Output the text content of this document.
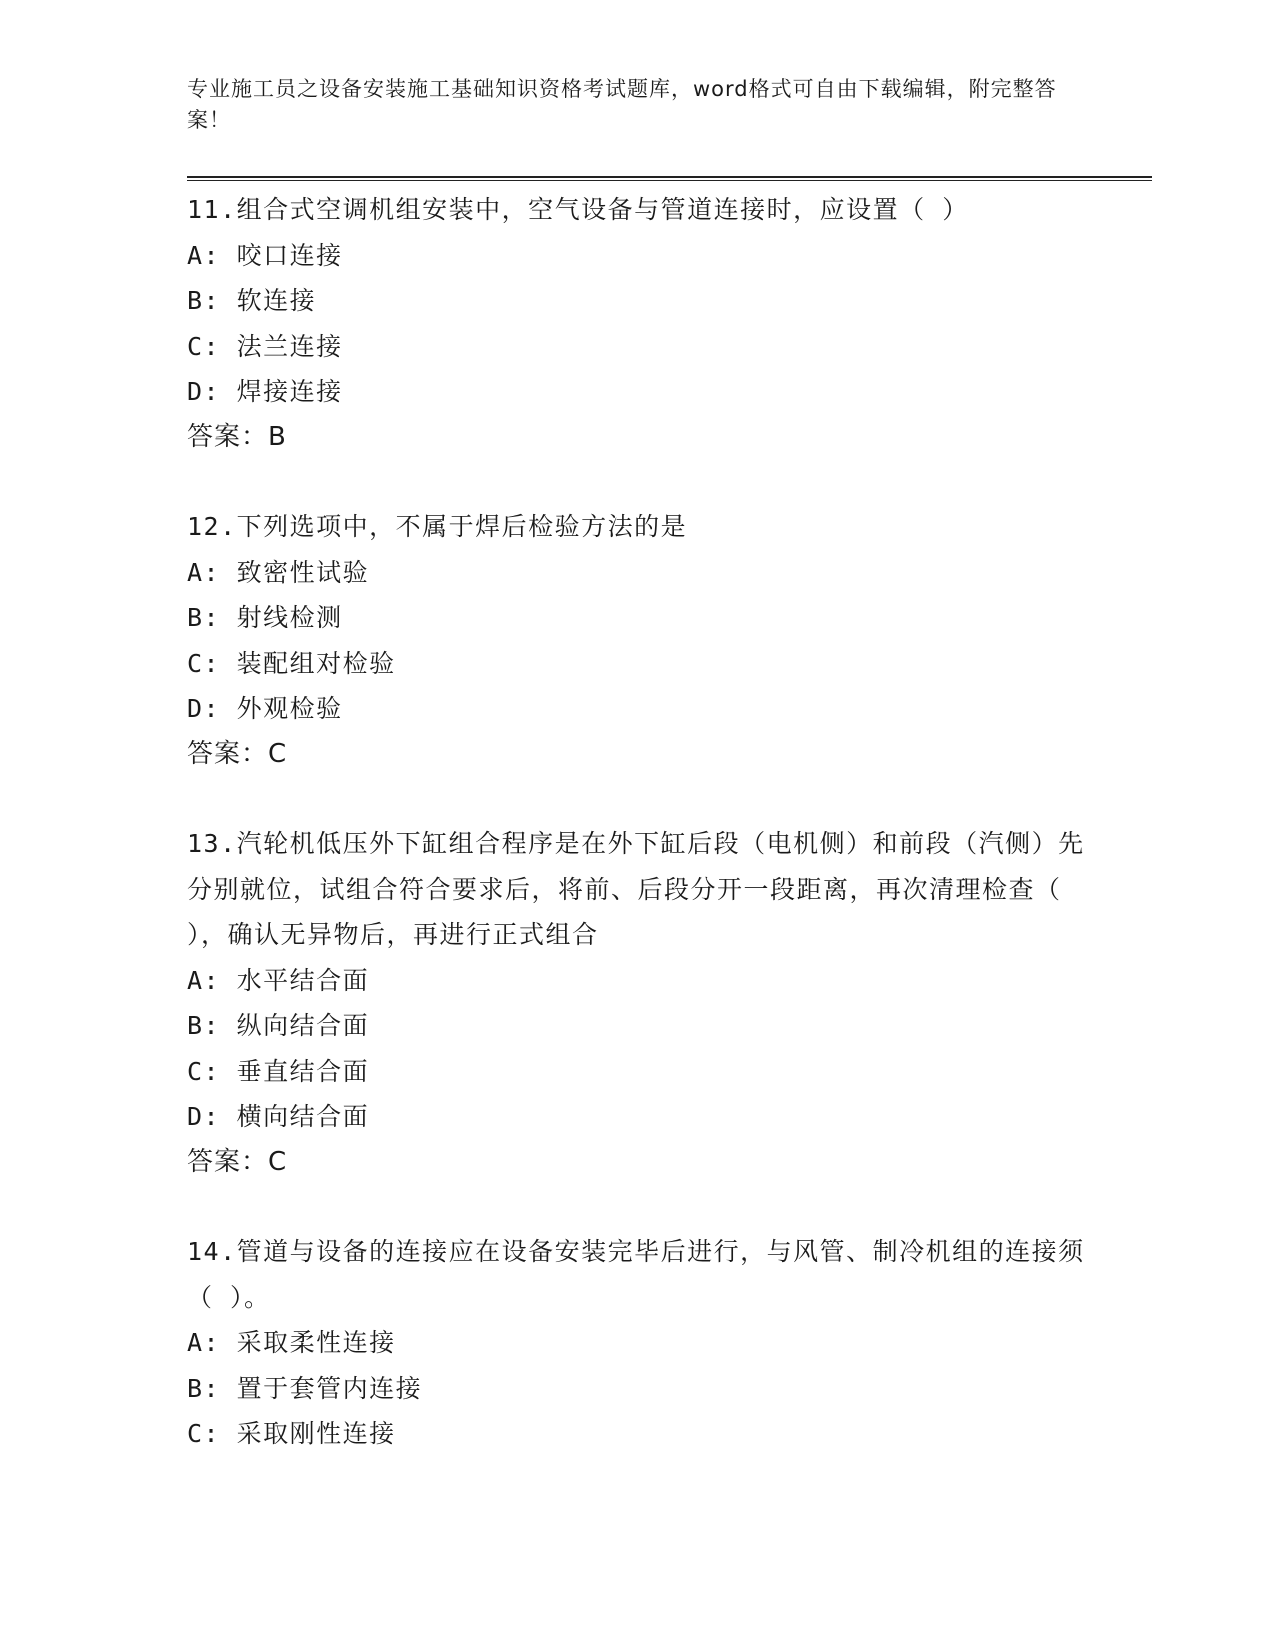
专业施工员之设备安装施工基础知识资格考试题库，word格式可自由下载编辑，附完整答案！
11.组合式空调机组安装中，空气设备与管道连接时，应设置（ ）
A: 咬口连接
B: 软连接
C: 法兰连接
D: 焊接连接
答案：B
12.下列选项中，不属于焊后检验方法的是
A: 致密性试验
B: 射线检测
C: 装配组对检验
D: 外观检验
答案：C
13.汽轮机低压外下缸组合程序是在外下缸后段（电机侧）和前段（汽侧）先分别就位，试组合符合要求后，将前、后段分开一段距离，再次清理检查（ ），确认无异物后，再进行正式组合
A: 水平结合面
B: 纵向结合面
C: 垂直结合面
D: 横向结合面
答案：C
14.管道与设备的连接应在设备安装完毕后进行，与风管、制冷机组的连接须（ ）。
A: 采取柔性连接
B: 置于套管内连接
C: 采取刚性连接
